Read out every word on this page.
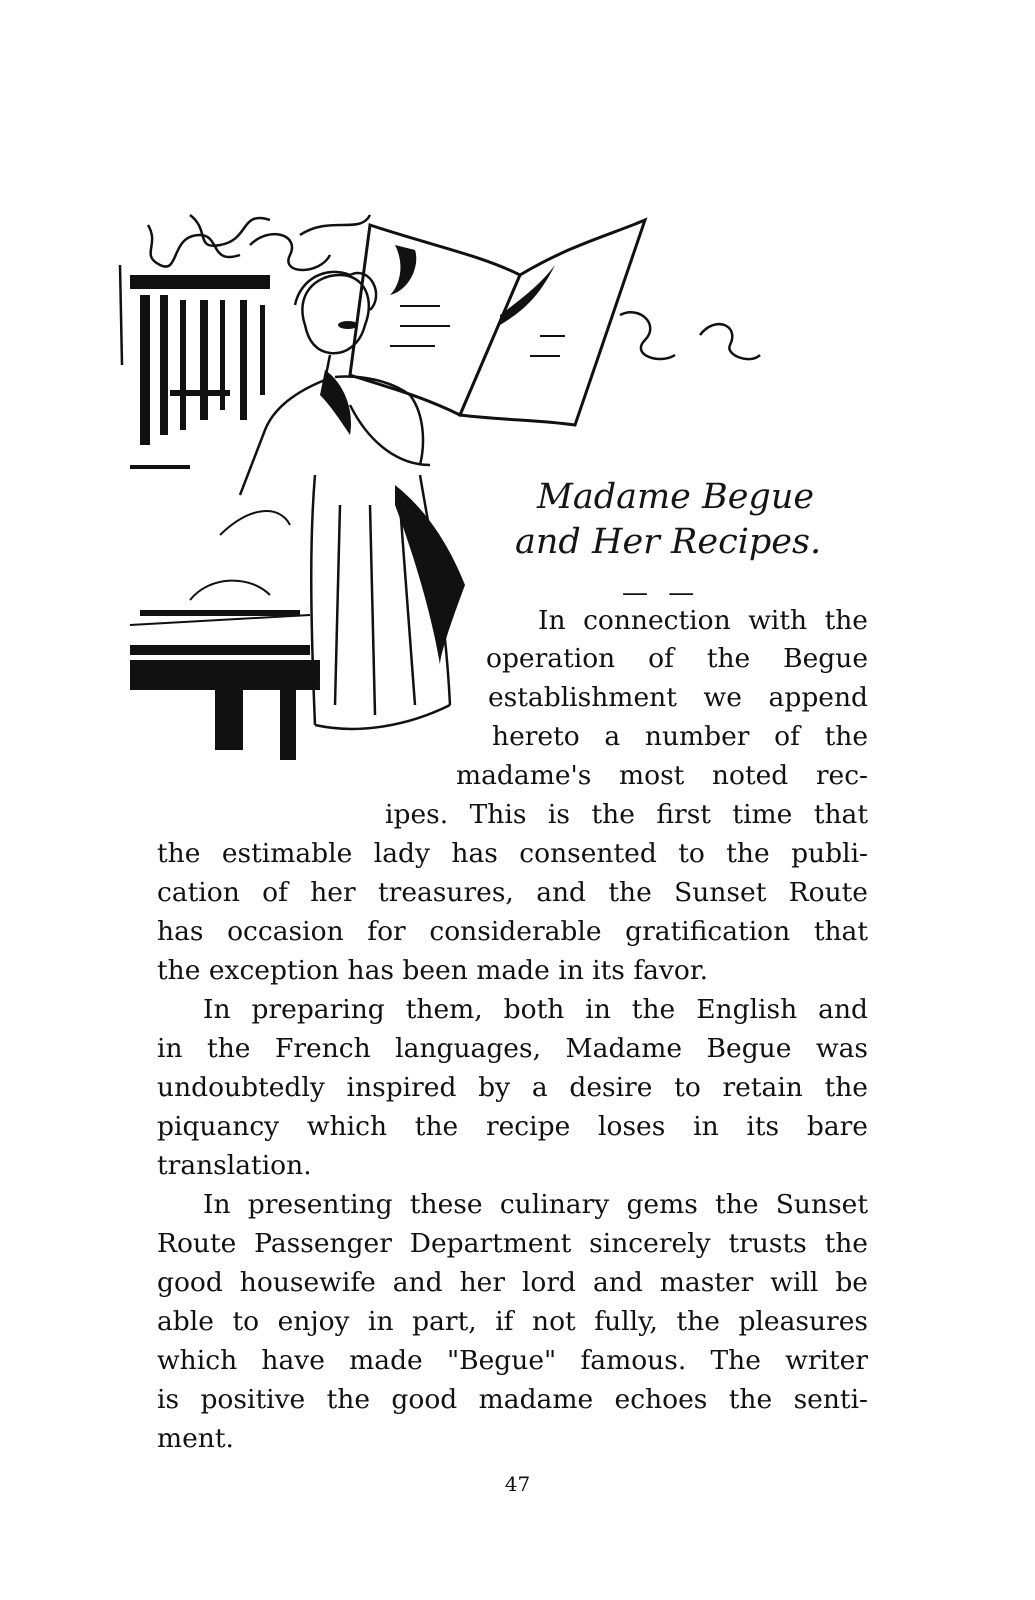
Madame Begue
and Her Recipes.
— —
In connection with the
operation of the Begue
establishment we append
hereto a number of the
madame's most noted rec-
ipes. This is the first time that
the estimable lady has consented to the publi-
cation of her treasures, and the Sunset Route
has occasion for considerable gratification that
the exception has been made in its favor.
In preparing them, both in the English and
in the French languages, Madame Begue was
undoubtedly inspired by a desire to retain the
piquancy which the recipe loses in its bare
translation.
In presenting these culinary gems the Sunset
Route Passenger Department sincerely trusts the
good housewife and her lord and master will be
able to enjoy in part, if not fully, the pleasures
which have made "Begue" famous. The writer
is positive the good madame echoes the senti-
ment.
47
